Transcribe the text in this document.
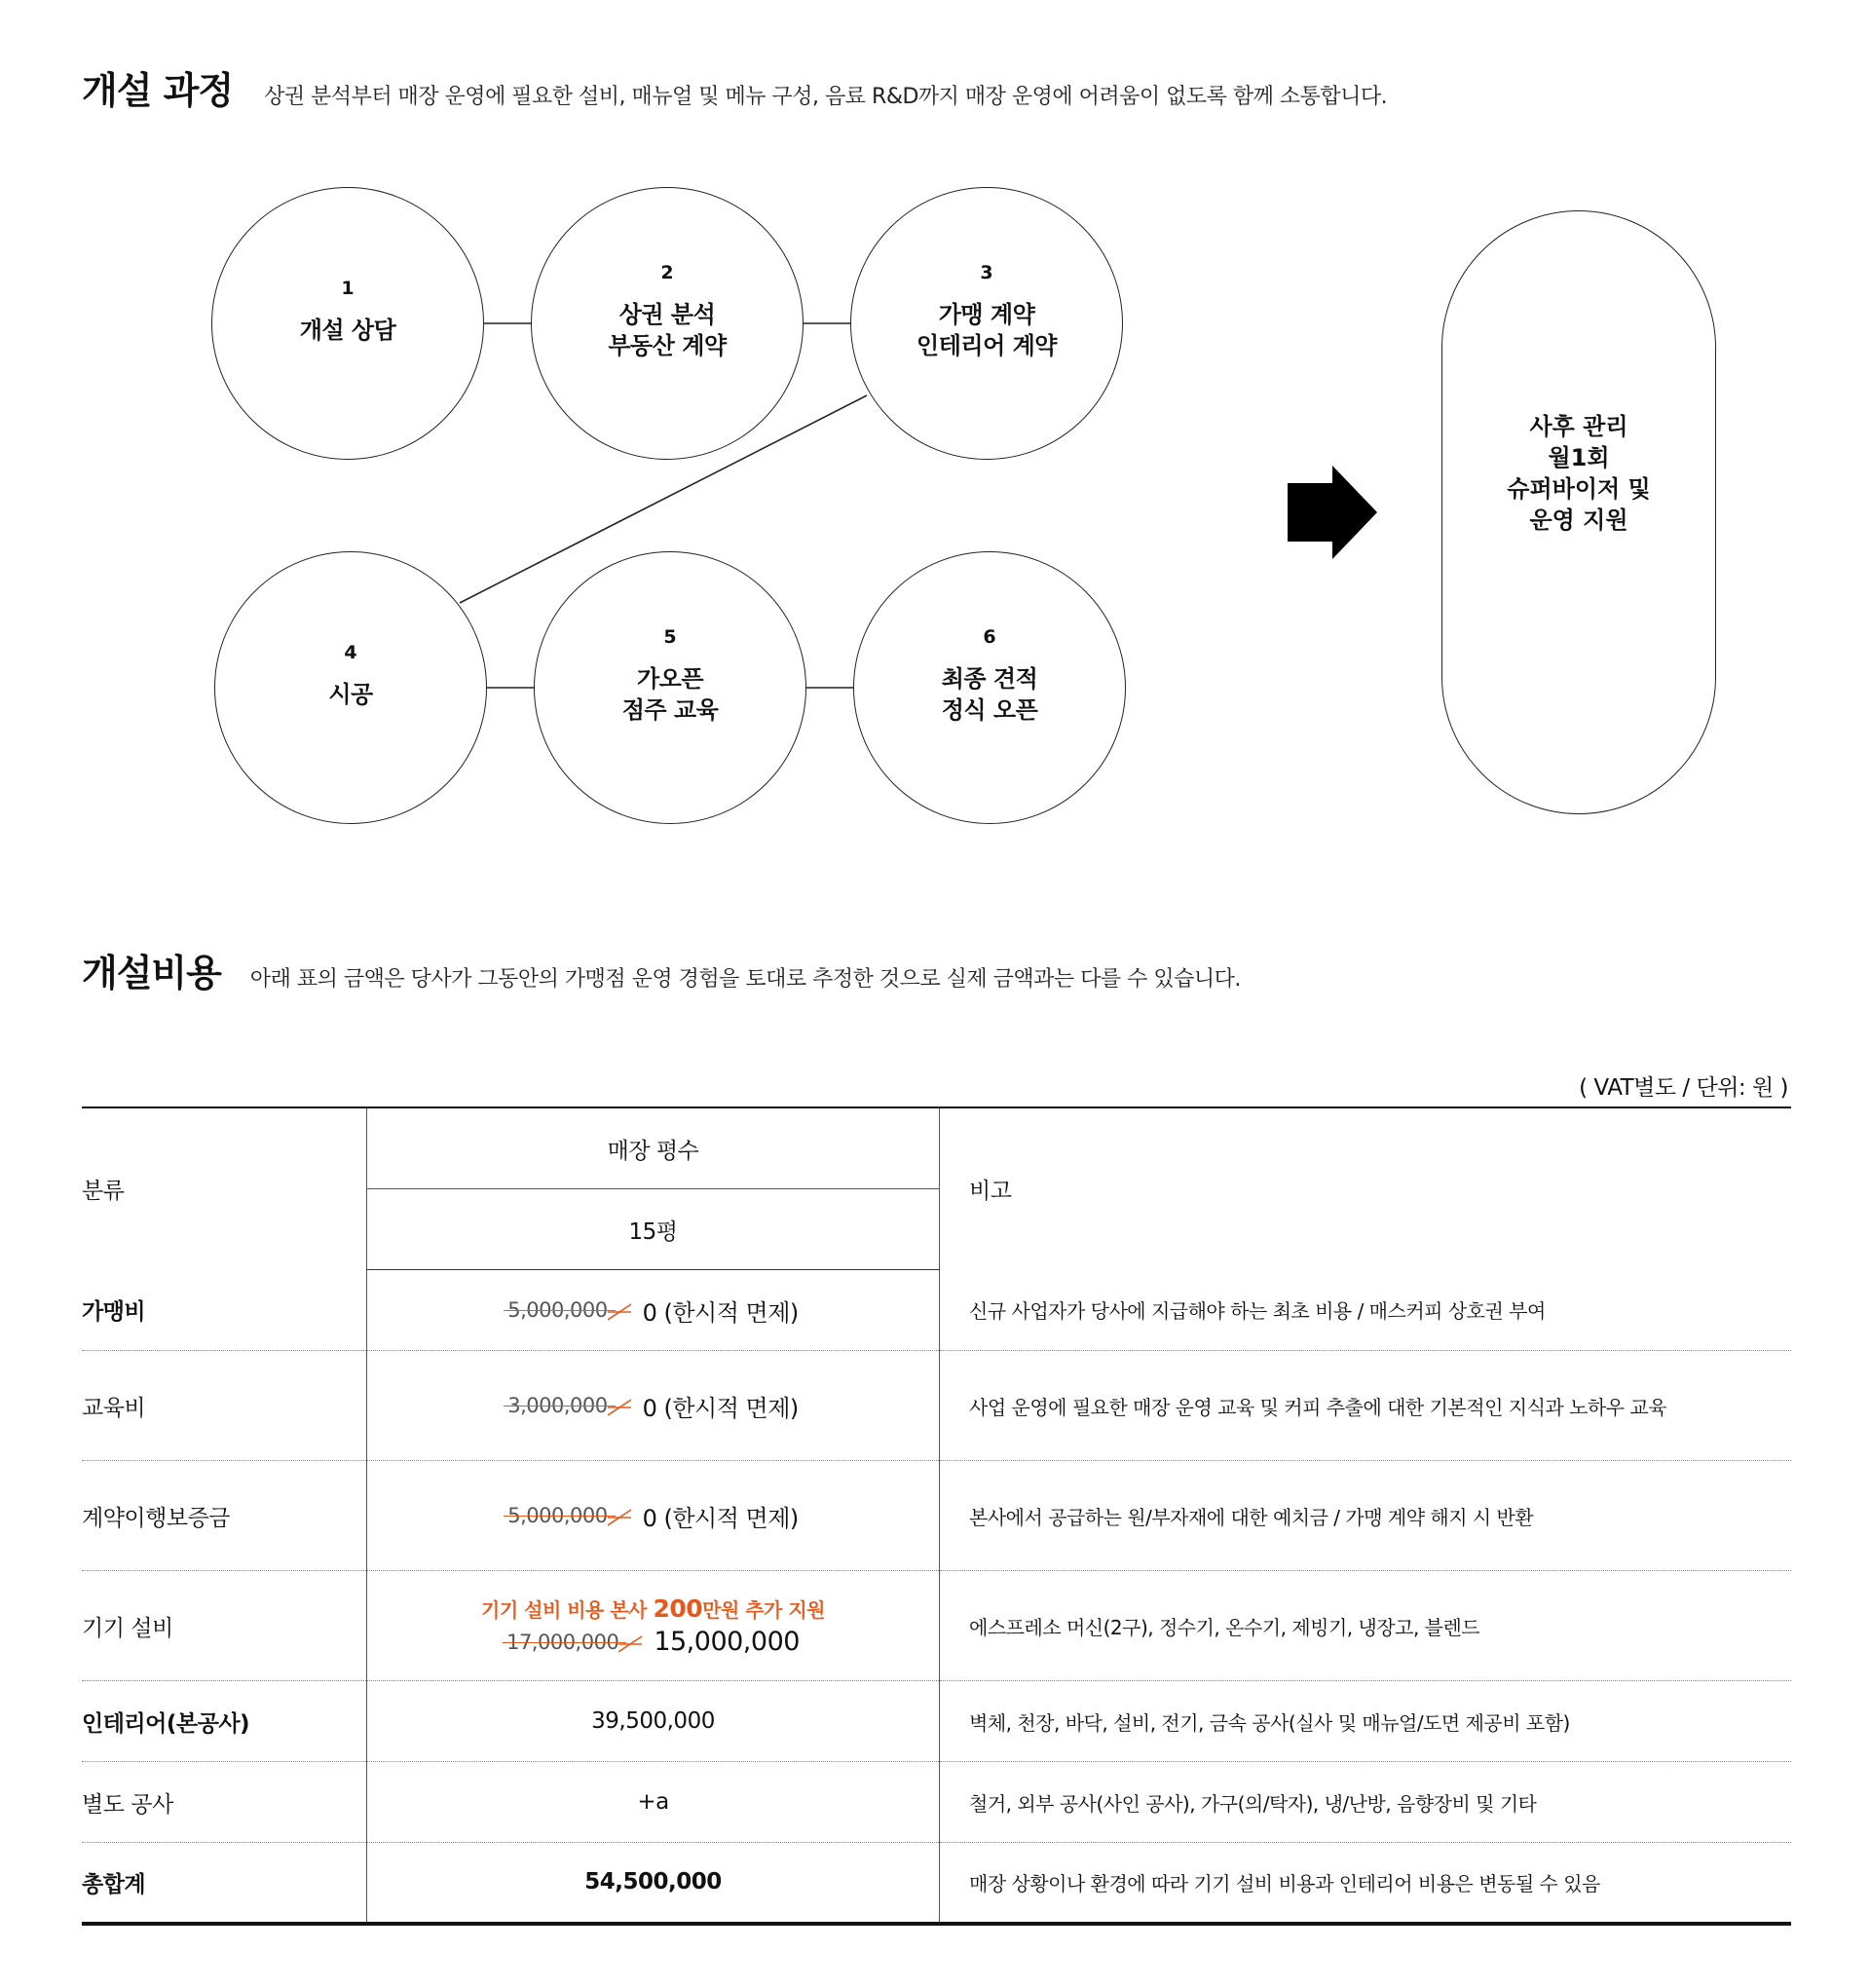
개설 과정 상권 분석부터 매장 운영에 필요한 설비, 매뉴얼 및 메뉴 구성, 음료 R&D까지 매장 운영에 어려움이 없도록 함께 소통합니다.
1
개설 상담
2
상권 분석
부동산 계약
3
가맹 계약
인테리어 계약
4
시공
5
가오픈
점주 교육
6
최종 견적
정식 오픈
사후 관리
월1회
슈퍼바이저 및
운영 지원
개설비용 아래 표의 금액은 당사가 그동안의 가맹점 운영 경험을 토대로 추정한 것으로 실제 금액과는 다를 수 있습니다.
( VAT별도 / 단위: 원 )
분류	매장 평수	비고
	15평	
가맹비	5,000,000 0 (한시적 면제)	신규 사업자가 당사에 지급해야 하는 최초 비용 / 매스커피 상호권 부여
교육비	3,000,000 0 (한시적 면제)	사업 운영에 필요한 매장 운영 교육 및 커피 추출에 대한 기본적인 지식과 노하우 교육
계약이행보증금	5,000,000 0 (한시적 면제)	본사에서 공급하는 원/부자재에 대한 예치금 / 가맹 계약 해지 시 반환
기기 설비	기기 설비 비용 본사 200만원 추가 지원
17,000,000 15,000,000	에스프레소 머신(2구), 정수기, 온수기, 제빙기, 냉장고, 블렌드
인테리어(본공사)	39,500,000	벽체, 천장, 바닥, 설비, 전기, 금속 공사(실사 및 매뉴얼/도면 제공비 포함)
별도 공사	+a	철거, 외부 공사(사인 공사), 가구(의/탁자), 냉/난방, 음향장비 및 기타
총합계	54,500,000	매장 상황이나 환경에 따라 기기 설비 비용과 인테리어 비용은 변동될 수 있음
